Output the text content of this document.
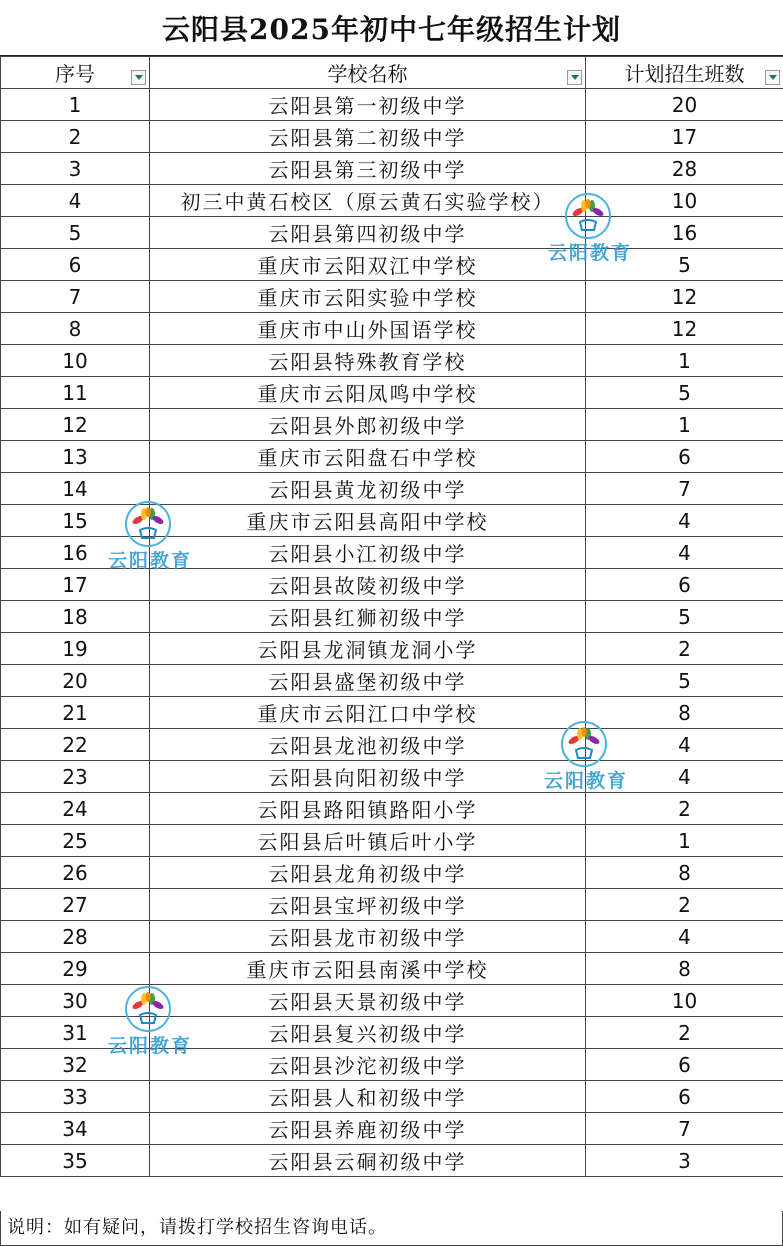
云阳县2025年初中七年级招生计划
序号	学校名称	计划招生班数

1	云阳县第一初级中学	20
2	云阳县第二初级中学	17
3	云阳县第三初级中学	28
4	初三中黄石校区（原云黄石实验学校）	10
5	云阳县第四初级中学	16
6	重庆市云阳双江中学校	5
7	重庆市云阳实验中学校	12
8	重庆市中山外国语学校	12
10	云阳县特殊教育学校	1
11	重庆市云阳凤鸣中学校	5
12	云阳县外郎初级中学	1
13	重庆市云阳盘石中学校	6
14	云阳县黄龙初级中学	7
15	重庆市云阳县高阳中学校	4
16	云阳县小江初级中学	4
17	云阳县故陵初级中学	6
18	云阳县红狮初级中学	5
19	云阳县龙洞镇龙洞小学	2
20	云阳县盛堡初级中学	5
21	重庆市云阳江口中学校	8
22	云阳县龙池初级中学	4
23	云阳县向阳初级中学	4
24	云阳县路阳镇路阳小学	2
25	云阳县后叶镇后叶小学	1
26	云阳县龙角初级中学	8
27	云阳县宝坪初级中学	2
28	云阳县龙市初级中学	4
29	重庆市云阳县南溪中学校	8
30	云阳县天景初级中学	10
31	云阳县复兴初级中学	2
32	云阳县沙沱初级中学	6
33	云阳县人和初级中学	6
34	云阳县养鹿初级中学	7
35	云阳县云硐初级中学	3
说明：如有疑问，请拨打学校招生咨询电话。
云阳教育
云阳教育
云阳教育
云阳教育
